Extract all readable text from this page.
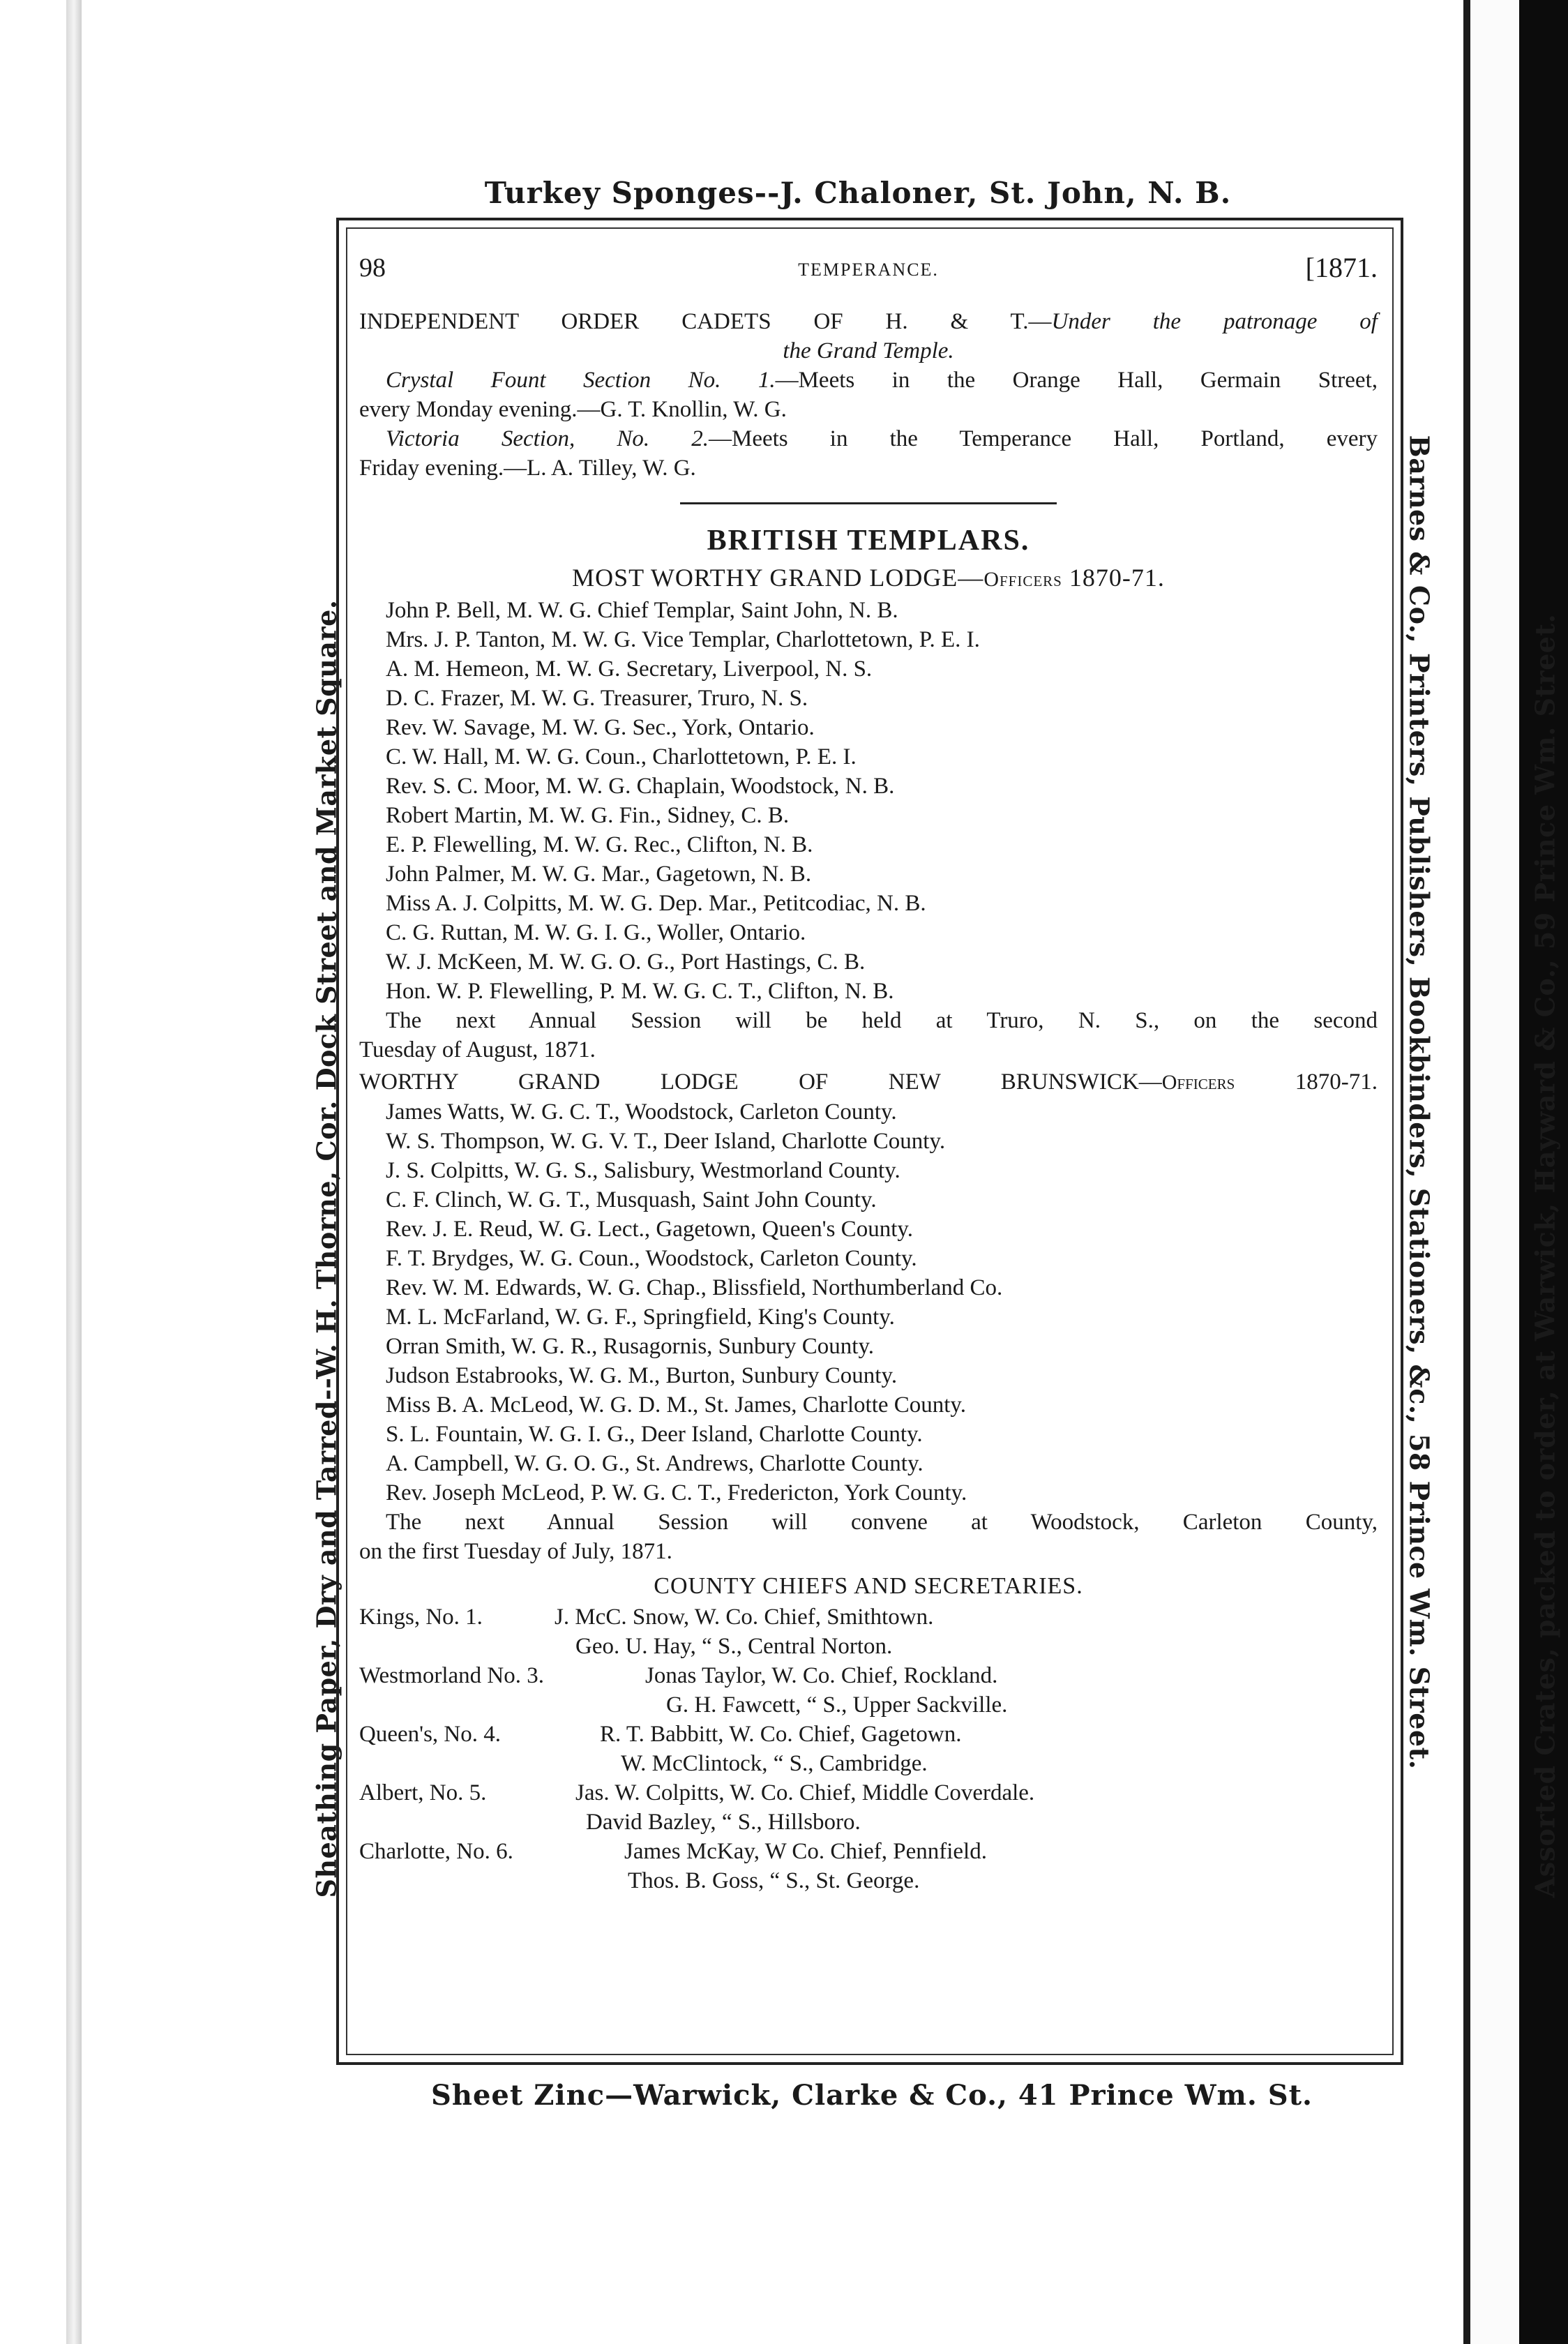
Turkey Sponges--J. Chaloner, St. John, N. B.
Sheathing Paper, Dry and Tarred--W. H. Thorne, Cor. Dock Street and Market Square.	Barnes & Co., Printers, Publishers, Bookbinders, Stationers, &c., 58 Prince Wm. Street.	Assorted Crates, packed to order, at Warwick, Hayward & Co., 59 Prince Wm. Street.
98	TEMPERANCE.	[1871.
INDEPENDENT ORDER CADETS OF H. & T.—Under the patronage of
the Grand Temple.
Crystal Fount Section No. 1.—Meets in the Orange Hall, Germain Street,
every Monday evening.—G. T. Knollin, W. G.
Victoria Section, No. 2.—Meets in the Temperance Hall, Portland, every
Friday evening.—L. A. Tilley, W. G.
BRITISH TEMPLARS.
MOST WORTHY GRAND LODGE—Officers 1870-71.
John P. Bell, M. W. G. Chief Templar, Saint John, N. B.
Mrs. J. P. Tanton, M. W. G. Vice Templar, Charlottetown, P. E. I.
A. M. Hemeon, M. W. G. Secretary, Liverpool, N. S.
D. C. Frazer, M. W. G. Treasurer, Truro, N. S.
Rev. W. Savage, M. W. G. Sec., York, Ontario.
C. W. Hall, M. W. G. Coun., Charlottetown, P. E. I.
Rev. S. C. Moor, M. W. G. Chaplain, Woodstock, N. B.
Robert Martin, M. W. G. Fin., Sidney, C. B.
E. P. Flewelling, M. W. G. Rec., Clifton, N. B.
John Palmer, M. W. G. Mar., Gagetown, N. B.
Miss A. J. Colpitts, M. W. G. Dep. Mar., Petitcodiac, N. B.
C. G. Ruttan, M. W. G. I. G., Woller, Ontario.
W. J. McKeen, M. W. G. O. G., Port Hastings, C. B.
Hon. W. P. Flewelling, P. M. W. G. C. T., Clifton, N. B.
The next Annual Session will be held at Truro, N. S., on the second
Tuesday of August, 1871.
WORTHY GRAND LODGE OF NEW BRUNSWICK—Officers 1870-71.
James Watts, W. G. C. T., Woodstock, Carleton County.
W. S. Thompson, W. G. V. T., Deer Island, Charlotte County.
J. S. Colpitts, W. G. S., Salisbury, Westmorland County.
C. F. Clinch, W. G. T., Musquash, Saint John County.
Rev. J. E. Reud, W. G. Lect., Gagetown, Queen's County.
F. T. Brydges, W. G. Coun., Woodstock, Carleton County.
Rev. W. M. Edwards, W. G. Chap., Blissfield, Northumberland Co.
M. L. McFarland, W. G. F., Springfield, King's County.
Orran Smith, W. G. R., Rusagornis, Sunbury County.
Judson Estabrooks, W. G. M., Burton, Sunbury County.
Miss B. A. McLeod, W. G. D. M., St. James, Charlotte County.
S. L. Fountain, W. G. I. G., Deer Island, Charlotte County.
A. Campbell, W. G. O. G., St. Andrews, Charlotte County.
Rev. Joseph McLeod, P. W. G. C. T., Fredericton, York County.
The next Annual Session will convene at Woodstock, Carleton County,
on the first Tuesday of July, 1871.
COUNTY CHIEFS AND SECRETARIES.
Kings, No. 1.	J. McC. Snow, W. Co. Chief, Smithtown.
Geo. U. Hay, “ S., Central Norton.
Westmorland No. 3.	Jonas Taylor, W. Co. Chief, Rockland.
G. H. Fawcett, “ S., Upper Sackville.
Queen's, No. 4.	R. T. Babbitt, W. Co. Chief, Gagetown.
W. McClintock, “ S., Cambridge.
Albert, No. 5.	Jas. W. Colpitts, W. Co. Chief, Middle Coverdale.
David Bazley, “ S., Hillsboro.
Charlotte, No. 6.	James McKay, W Co. Chief, Pennfield.
Thos. B. Goss, “ S., St. George.
Sheet Zinc—Warwick, Clarke & Co., 41 Prince Wm. St.
